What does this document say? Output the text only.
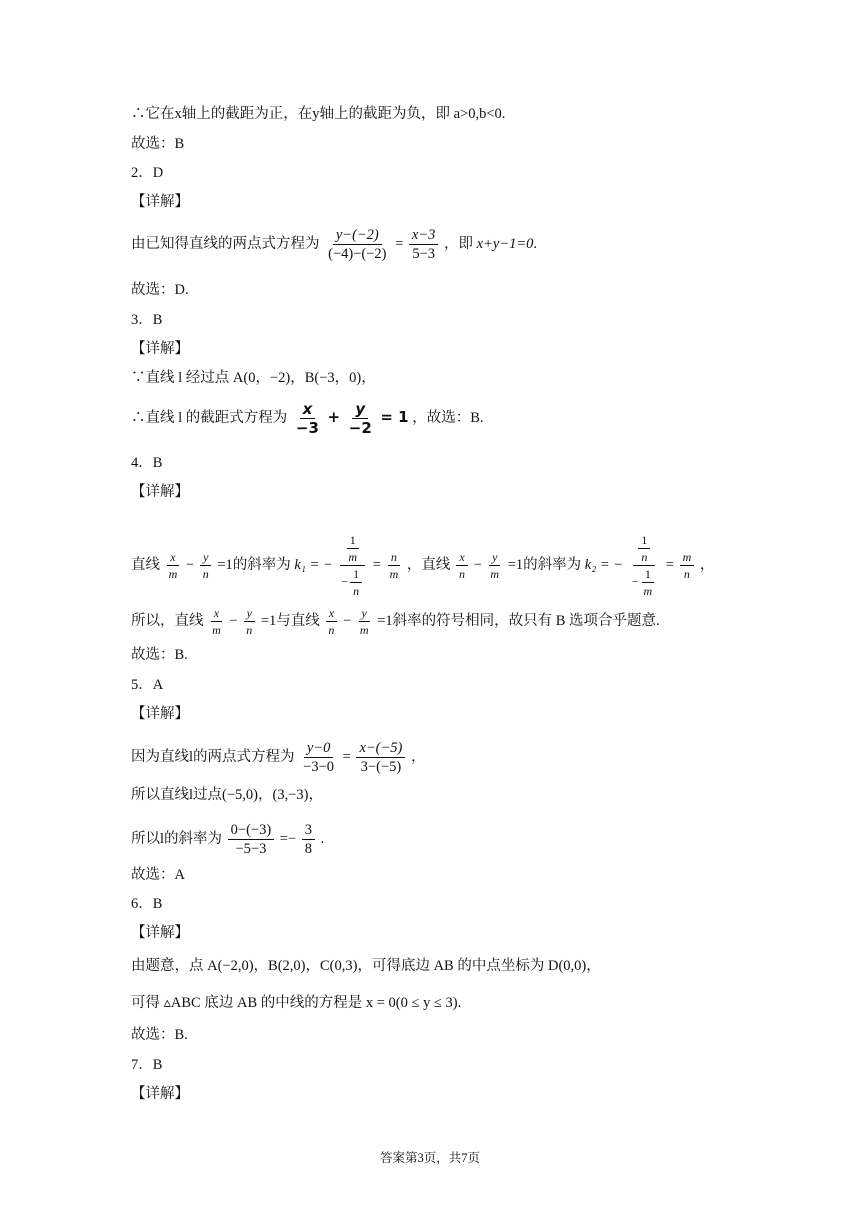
∴它在x轴上的截距为正，在y轴上的截距为负，即 a>0,b<0.
故选：B
2．D
【详解】
由已知得直线的两点式方程为 $\frac{y-(-2)}{(-4)-(-2)} = \frac{x-3}{5-3}$ ，即 x+y−1=0.
故选：D.
3．B
【详解】
∵直线 l 经过点 A(0，−2)，B(−3，0)，
∴直线 l 的截距式方程为 $\frac{x}{-3} + \frac{y}{-2} = 1$ ，故选：B.
4．B
【详解】
直线 $\frac{x}{m} - \frac{y}{n} =1$的斜率为 k₁ = − $\frac{\frac{1}{m}}{- \frac{1}{n}} = \frac{n}{m}$ ，直线 $\frac{x}{n} - \frac{y}{m} =1$的斜率为 k₂ = − $\frac{\frac{1}{n}}{- \frac{1}{m}} = \frac{m}{n}$ ，
所以，直线 $\frac{x}{m} - \frac{y}{n} =1$与直线 $\frac{x}{n} - \frac{y}{m} =1$斜率的符号相同，故只有 B 选项合乎题意.
故选：B.
5．A
【详解】
因为直线l的两点式方程为 $\frac{y-0}{-3-0} = \frac{x-(-5)}{3-(-5)}$ ，
所以直线l过点(−5,0)，(3,−3)，
所以l的斜率为 $\frac{0-(-3)}{-5-3} =- \frac{3}{8}$ .
故选：A
6．B
【详解】
由题意，点 A(−2,0)，B(2,0)，C(0,3)，可得底边 AB 的中点坐标为 D(0,0)，
可得 ▵ABC 底边 AB 的中线的方程是 x = 0(0 ≤ y ≤ 3).
故选：B.
7．B
【详解】
答案第3页，共7页
